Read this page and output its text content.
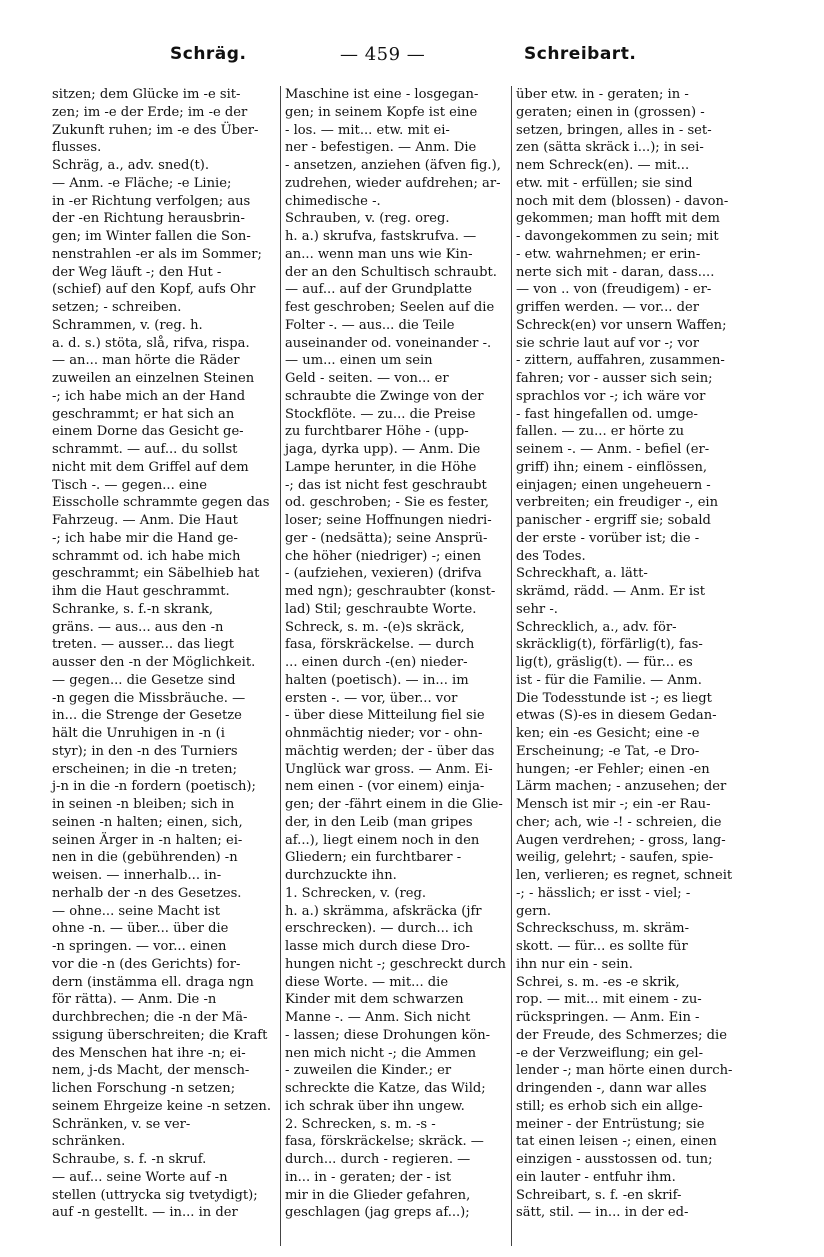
Schräg.	— 459 —	Schreibart.
sitzen; dem Glücke im -e sit-
zen; im -e der Erde; im -e der
Zukunft ruhen; im -e des Über-
flusses.
Schräg, a., adv. sned(t).
— Anm. -e Fläche; -e Linie;
in -er Richtung verfolgen; aus
der -en Richtung herausbrin-
gen; im Winter fallen die Son-
nenstrahlen -er als im Sommer;
der Weg läuft -; den Hut -
(schief) auf den Kopf, aufs Ohr
setzen; - schreiben.
Schrammen, v. (reg. h.
a. d. s.) stöta, slå, rifva, rispa.
— an... man hörte die Räder
zuweilen an einzelnen Steinen
-; ich habe mich an der Hand
geschrammt; er hat sich an
einem Dorne das Gesicht ge-
schrammt. — auf... du sollst
nicht mit dem Griffel auf dem
Tisch -. — gegen... eine
Eisscholle schrammte gegen das
Fahrzeug. — Anm. Die Haut
-; ich habe mir die Hand ge-
schrammt od. ich habe mich
geschrammt; ein Säbelhieb hat
ihm die Haut geschrammt.
Schranke, s. f.-n skrank,
gräns. — aus... aus den -n
treten. — ausser... das liegt
ausser den -n der Möglichkeit.
— gegen... die Gesetze sind
-n gegen die Missbräuche. —
in... die Strenge der Gesetze
hält die Unruhigen in -n (i
styr); in den -n des Turniers
erscheinen; in die -n treten;
j-n in die -n fordern (poetisch);
in seinen -n bleiben; sich in
seinen -n halten; einen, sich,
seinen Ärger in -n halten; ei-
nen in die (gebührenden) -n
weisen. — innerhalb... in-
nerhalb der -n des Gesetzes.
— ohne... seine Macht ist
ohne -n. — über... über die
-n springen. — vor... einen
vor die -n (des Gerichts) for-
dern (instämma ell. draga ngn
för rätta). — Anm. Die -n
durchbrechen; die -n der Mä-
ssigung überschreiten; die Kraft
des Menschen hat ihre -n; ei-
nem, j-ds Macht, der mensch-
lichen Forschung -n setzen;
seinem Ehrgeize keine -n setzen.
Schränken, v. se ver-
schränken.
Schraube, s. f. -n skruf.
— auf... seine Worte auf -n
stellen (uttrycka sig tvetydigt);
auf -n gestellt. — in... in der
Maschine ist eine - losgegan-
gen; in seinem Kopfe ist eine
- los. — mit... etw. mit ei-
ner - befestigen. — Anm. Die
- ansetzen, anziehen (äfven fig.),
zudrehen, wieder aufdrehen; ar-
chimedische -.
Schrauben, v. (reg. oreg.
h. a.) skrufva, fastskrufva. —
an... wenn man uns wie Kin-
der an den Schultisch schraubt.
— auf... auf der Grundplatte
fest geschroben; Seelen auf die
Folter -. — aus... die Teile
auseinander od. voneinander -.
— um... einen um sein
Geld - seiten. — von... er
schraubte die Zwinge von der
Stockflöte. — zu... die Preise
zu furchtbarer Höhe - (upp-
jaga, dyrka upp). — Anm. Die
Lampe herunter, in die Höhe
-; das ist nicht fest geschraubt
od. geschroben; - Sie es fester,
loser; seine Hoffnungen niedri-
ger - (nedsätta); seine Ansprü-
che höher (niedriger) -; einen
- (aufziehen, vexieren) (drifva
med ngn); geschraubter (konst-
lad) Stil; geschraubte Worte.
Schreck, s. m. -(e)s skräck,
fasa, förskräckelse. — durch
... einen durch -(en) nieder-
halten (poetisch). — in... im
ersten -. — vor, über... vor
- über diese Mitteilung fiel sie
ohnmächtig nieder; vor - ohn-
mächtig werden; der - über das
Unglück war gross. — Anm. Ei-
nem einen - (vor einem) einja-
gen; der -fährt einem in die Glie-
der, in den Leib (man gripes
af...), liegt einem noch in den
Gliedern; ein furchtbarer -
durchzuckte ihn.
1. Schrecken, v. (reg.
h. a.) skrämma, afskräcka (jfr
erschrecken). — durch... ich
lasse mich durch diese Dro-
hungen nicht -; geschreckt durch
diese Worte. — mit... die
Kinder mit dem schwarzen
Manne -. — Anm. Sich nicht
- lassen; diese Drohungen kön-
nen mich nicht -; die Ammen
- zuweilen die Kinder.; er
schreckte die Katze, das Wild;
ich schrak über ihn ungew.
2. Schrecken, s. m. -s -
fasa, förskräckelse; skräck. —
durch... durch - regieren. —
in... in - geraten; der - ist
mir in die Glieder gefahren,
geschlagen (jag greps af...);
über etw. in - geraten; in -
geraten; einen in (grossen) -
setzen, bringen, alles in - set-
zen (sätta skräck i...); in sei-
nem Schreck(en). — mit...
etw. mit - erfüllen; sie sind
noch mit dem (blossen) - davon-
gekommen; man hofft mit dem
- davongekommen zu sein; mit
- etw. wahrnehmen; er erin-
nerte sich mit - daran, dass....
— von .. von (freudigem) - er-
griffen werden. — vor... der
Schreck(en) vor unsern Waffen;
sie schrie laut auf vor -; vor
- zittern, auffahren, zusammen-
fahren; vor - ausser sich sein;
sprachlos vor -; ich wäre vor
- fast hingefallen od. umge-
fallen. — zu... er hörte zu
seinem -. — Anm. - befiel (er-
griff) ihn; einem - einflössen,
einjagen; einen ungeheuern -
verbreiten; ein freudiger -, ein
panischer - ergriff sie; sobald
der erste - vorüber ist; die -
des Todes.
Schreckhaft, a. lätt-
skrämd, rädd. — Anm. Er ist
sehr -.
Schrecklich, a., adv. för-
skräcklig(t), förfärlig(t), fas-
lig(t), gräslig(t). — für... es
ist - für die Familie. — Anm.
Die Todesstunde ist -; es liegt
etwas (S)-es in diesem Gedan-
ken; ein -es Gesicht; eine -e
Erscheinung; -e Tat, -e Dro-
hungen; -er Fehler; einen -en
Lärm machen; - anzusehen; der
Mensch ist mir -; ein -er Rau-
cher; ach, wie -! - schreien, die
Augen verdrehen; - gross, lang-
weilig, gelehrt; - saufen, spie-
len, verlieren; es regnet, schneit
-; - hässlich; er isst - viel; -
gern.
Schreckschuss, m. skräm-
skott. — für... es sollte für
ihn nur ein - sein.
Schrei, s. m. -es -e skrik,
rop. — mit... mit einem - zu-
rückspringen. — Anm. Ein -
der Freude, des Schmerzes; die
-e der Verzweiflung; ein gel-
lender -; man hörte einen durch-
dringenden -, dann war alles
still; es erhob sich ein allge-
meiner - der Entrüstung; sie
tat einen leisen -; einen, einen
einzigen - ausstossen od. tun;
ein lauter - entfuhr ihm.
Schreibart, s. f. -en skrif-
sätt, stil. — in... in der ed-
